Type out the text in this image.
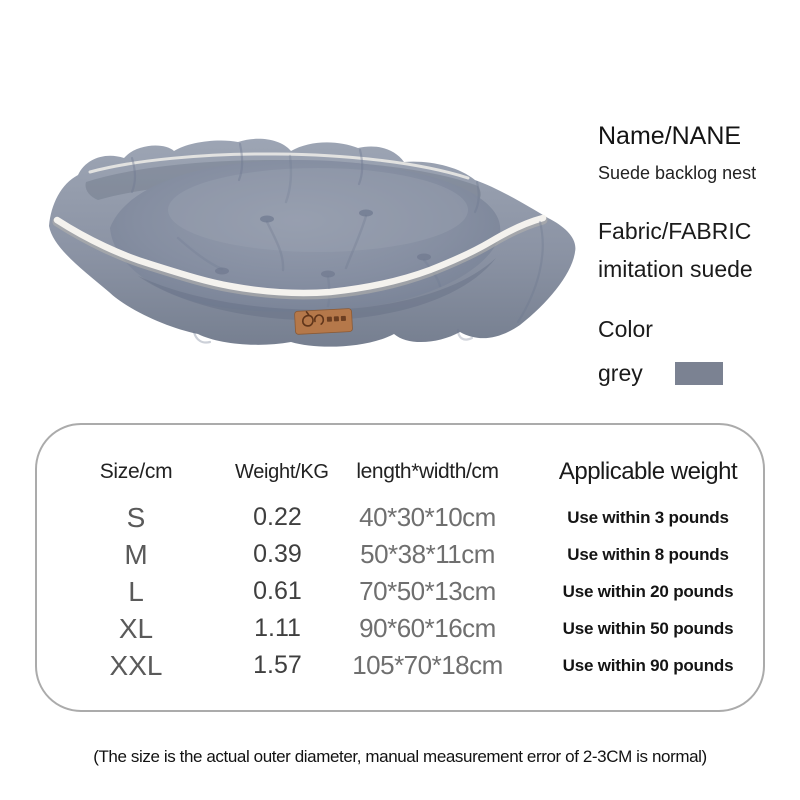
Name/NANE
Suede backlog nest
Fabric/FABRIC
imitation suede
Color
grey
Size/cm	Weight/KG	length*width/cm	Applicable weight
S	0.22	40*30*10cm	Use within 3 pounds
M	0.39	50*38*11cm	Use within 8 pounds
L	0.61	70*50*13cm	Use within 20 pounds
XL	1.11	90*60*16cm	Use within 50 pounds
XXL	1.57	105*70*18cm	Use within 90 pounds
(The size is the actual outer diameter, manual measurement error of 2-3CM is normal)
